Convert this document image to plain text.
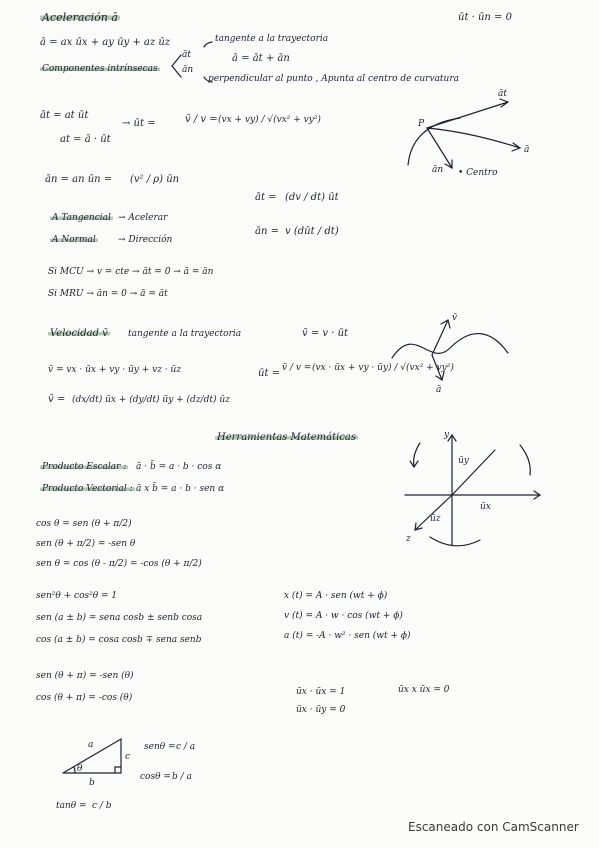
Aceleración ā	ūt · ūn = 0
ā = ax ūx + ay ūy + az ūz	tangente a la trayectoria
ā = āt + ān
Componentes intrínsecas
āt
ān
perpendicular al punto , Apunta al centro de curvatura
āt = at ūt
at = ā · ūt
→ ūt =	v̄ / v = (vx + vy) / √(vx² + vy²)
ān = an ūn = (v² / ρ) ūn
āt = (dv / dt) ūt
A Tangencial → Acelerar
A Normal → Dirección
ān = v (dūt / dt)
Si MCU → v = cte → āt = 0 → ā = ān
Si MRU → ān = 0 → ā = āt
P
āt
ā
ān • Centro
Velocidad v̄ tangente a la trayectoria	v̄ = v · ūt
v̄ = vx · ūx + vy · ūy + vz · ūz	ūt = v̄ / v = (vx · ūx + vy · ūy) / √(vx² + vy²)
v̄ = (dx/dt) ūx + (dy/dt) ūy + (dz/dt) ūz
v̄
ā
Herramientas Matemáticas
Producto Escalar : ā · b̄ = a · b · cos α
Producto Vectorial : ā x b̄ = a · b · sen α
y
ūy
ūx
ūz
z
cos θ = sen (θ + π/2)
sen (θ + π/2) = -sen θ
sen θ = cos (θ - π/2) = -cos (θ + π/2)
sen²θ + cos²θ = 1
sen (a ± b) = sena cosb ± senb cosa
cos (a ± b) = cosa cosb ∓ sena senb
x (t) = A · sen (wt + ϕ)
v (t) = A · w · cos (wt + ϕ)
a (t) = -A · w² · sen (wt + ϕ)
sen (θ + π) = -sen (θ)
cos (θ + π) = -cos (θ)
ūx · ūx = 1
ūx · ūy = 0
ūx x ūx = 0
a
b
c
θ
senθ = c / a
cosθ = b / a
tanθ = c / b
Escaneado con CamScanner
